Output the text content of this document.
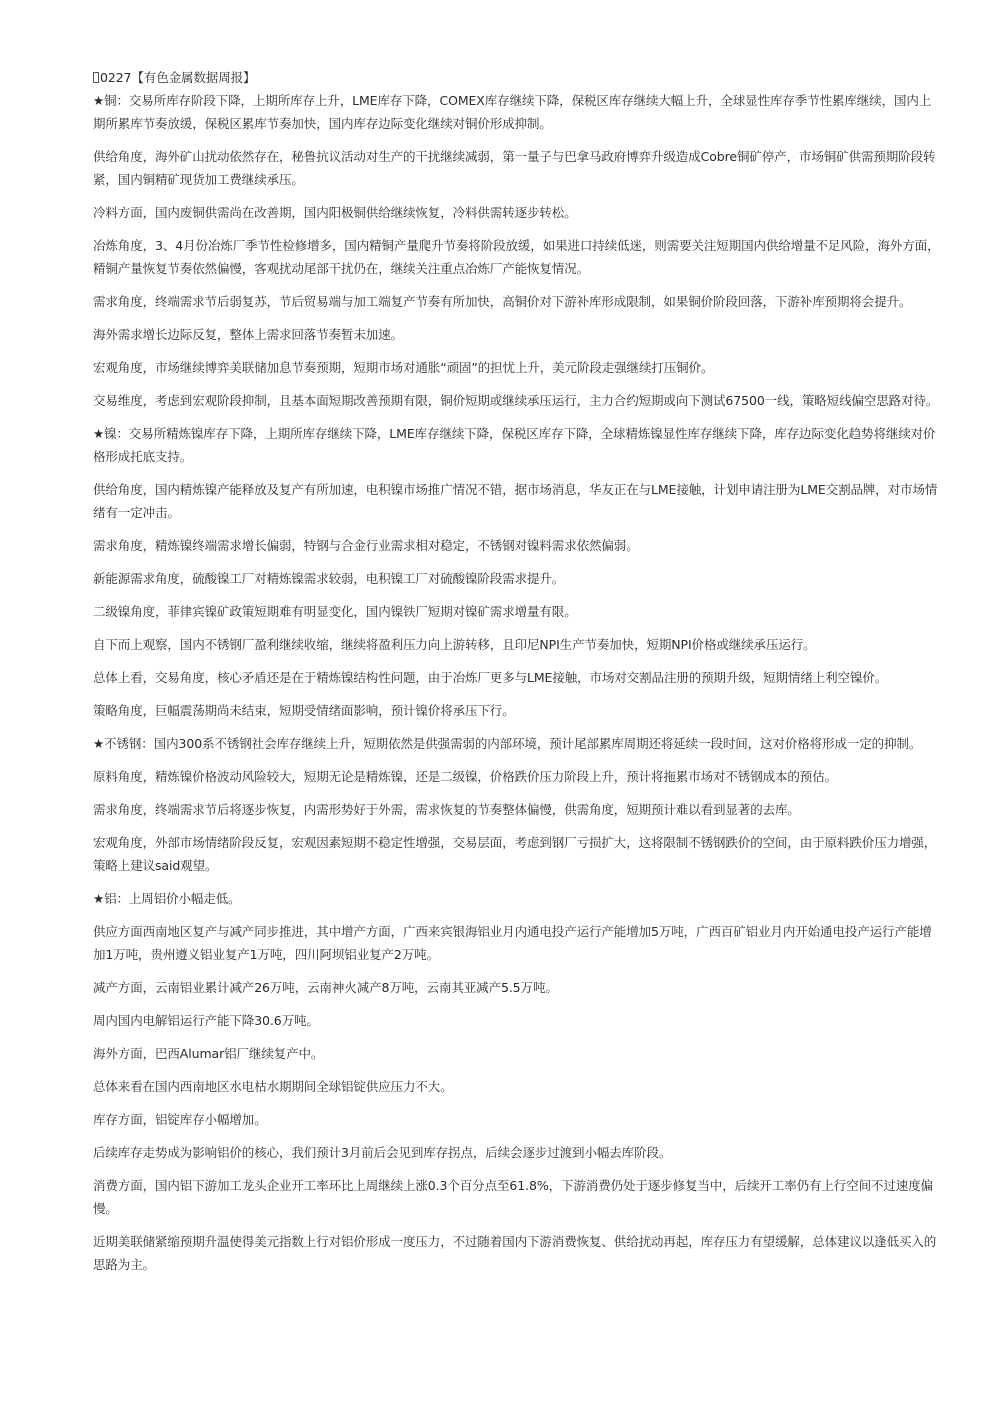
0227【有色金属数据周报】

★铜：交易所库存阶段下降，上期所库存上升，LME库存下降，COMEX库存继续下降，保税区库存继续大幅上升，全球显性库存季节性累库继续，国内上期所累库节奏放缓，保税区累库节奏加快，国内库存边际变化继续对铜价形成抑制。

供给角度，海外矿山扰动依然存在，秘鲁抗议活动对生产的干扰继续减弱，第一量子与巴拿马政府博弈升级造成Cobre铜矿停产，市场铜矿供需预期阶段转紧，国内铜精矿现货加工费继续承压。

冷料方面，国内废铜供需尚在改善期，国内阳极铜供给继续恢复，冷料供需转逐步转松。

冶炼角度，3、4月份冶炼厂季节性检修增多，国内精铜产量爬升节奏将阶段放缓，如果进口持续低迷，则需要关注短期国内供给增量不足风险，海外方面，精铜产量恢复节奏依然偏慢，客观扰动尾部干扰仍在，继续关注重点冶炼厂产能恢复情况。

需求角度，终端需求节后弱复苏，节后贸易端与加工端复产节奏有所加快，高铜价对下游补库形成限制，如果铜价阶段回落，下游补库预期将会提升。

海外需求增长边际反复，整体上需求回落节奏暂未加速。

宏观角度，市场继续博弈美联储加息节奏预期，短期市场对通胀“顽固”的担忧上升，美元阶段走强继续打压铜价。

交易维度，考虑到宏观阶段抑制，且基本面短期改善预期有限，铜价短期或继续承压运行，主力合约短期或向下测试67500一线，策略短线偏空思路对待。

★镍：交易所精炼镍库存下降，上期所库存继续下降，LME库存继续下降，保税区库存下降，全球精炼镍显性库存继续下降，库存边际变化趋势将继续对价格形成托底支持。

供给角度，国内精炼镍产能释放及复产有所加速，电积镍市场推广情况不错，据市场消息，华友正在与LME接触，计划申请注册为LME交割品牌，对市场情绪有一定冲击。

需求角度，精炼镍终端需求增长偏弱，特钢与合金行业需求相对稳定，不锈钢对镍料需求依然偏弱。

新能源需求角度，硫酸镍工厂对精炼镍需求较弱，电积镍工厂对硫酸镍阶段需求提升。

二级镍角度，菲律宾镍矿政策短期难有明显变化，国内镍铁厂短期对镍矿需求增量有限。

自下而上观察，国内不锈钢厂盈利继续收缩，继续将盈利压力向上游转移，且印尼NPI生产节奏加快，短期NPI价格或继续承压运行。

总体上看，交易角度，核心矛盾还是在于精炼镍结构性问题，由于冶炼厂更多与LME接触，市场对交割品注册的预期升级，短期情绪上利空镍价。

策略角度，巨幅震荡期尚未结束，短期受情绪面影响，预计镍价将承压下行。

★不锈钢：国内300系不锈钢社会库存继续上升，短期依然是供强需弱的内部环境，预计尾部累库周期还将延续一段时间，这对价格将形成一定的抑制。

原料角度，精炼镍价格波动风险较大，短期无论是精炼镍，还是二级镍，价格跌价压力阶段上升，预计将拖累市场对不锈钢成本的预估。

需求角度，终端需求节后将逐步恢复，内需形势好于外需，需求恢复的节奏整体偏慢，供需角度，短期预计难以看到显著的去库。

宏观角度，外部市场情绪阶段反复，宏观因素短期不稳定性增强，交易层面，考虑到钢厂亏损扩大，这将限制不锈钢跌价的空间，由于原料跌价压力增强，策略上建议said观望。

★铝：上周铝价小幅走低。

供应方面西南地区复产与减产同步推进，其中增产方面，广西来宾银海铝业月内通电投产运行产能增加5万吨，广西百矿铝业月内开始通电投产运行产能增加1万吨，贵州遵义铝业复产1万吨，四川阿坝铝业复产2万吨。

减产方面，云南铝业累计减产26万吨，云南神火减产8万吨，云南其亚减产5.5万吨。

周内国内电解铝运行产能下降30.6万吨。

海外方面，巴西Alumar铝厂继续复产中。

总体来看在国内西南地区水电枯水期期间全球铝锭供应压力不大。

库存方面，铝锭库存小幅增加。

后续库存走势成为影响铝价的核心，我们预计3月前后会见到库存拐点，后续会逐步过渡到小幅去库阶段。

消费方面，国内铝下游加工龙头企业开工率环比上周继续上涨0.3个百分点至61.8%，下游消费仍处于逐步修复当中，后续开工率仍有上行空间不过速度偏慢。

近期美联储紧缩预期升温使得美元指数上行对铝价形成一度压力，不过随着国内下游消费恢复、供给扰动再起，库存压力有望缓解，总体建议以逢低买入的思路为主。
